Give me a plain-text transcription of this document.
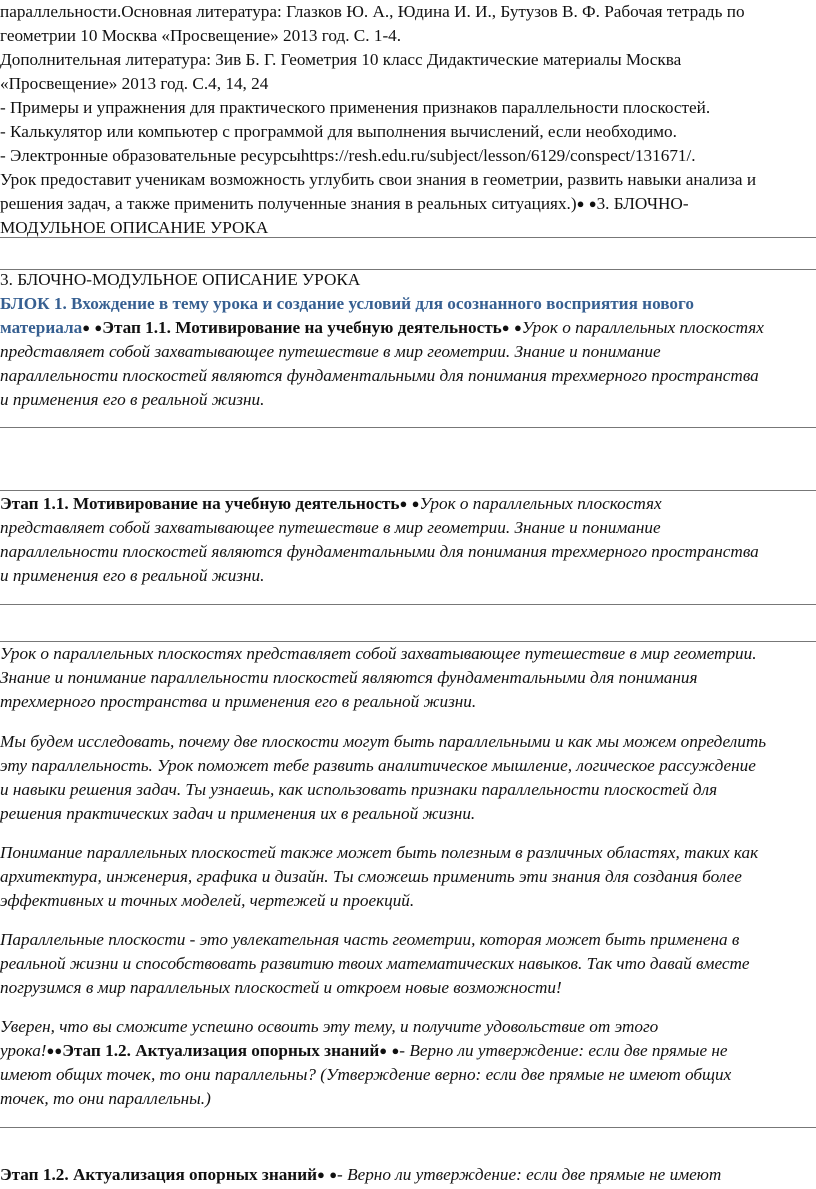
параллельности.Основная литература: Глазков Ю. А., Юдина И. И., Бутузов В. Ф. Рабочая тетрадь по
геометрии 10 Москва «Просвещение» 2013 год. С. 1-4.
Дополнительная литература: Зив Б. Г. Геометрия 10 класс Дидактические материалы Москва
«Просвещение» 2013 год. С.4, 14, 24
- Примеры и упражнения для практического применения признаков параллельности плоскостей.
- Калькулятор или компьютер с программой для выполнения вычислений, если необходимо.
- Электронные образовательные ресурсыhttps://resh.edu.ru/subject/lesson/6129/conspect/131671/.
Урок предоставит ученикам возможность углубить свои знания в геометрии, развить навыки анализа и
решения задач, а также применить полученные знания в реальных ситуациях.)● ●3. БЛОЧНО-
МОДУЛЬНОЕ ОПИСАНИЕ УРОКА
3. БЛОЧНО-МОДУЛЬНОЕ ОПИСАНИЕ УРОКА
БЛОК 1. Вхождение в тему урока и создание условий для осознанного восприятия нового
материала● ●Этап 1.1. Мотивирование на учебную деятельность● ●Урок о параллельных плоскостях
представляет собой захватывающее путешествие в мир геометрии. Знание и понимание
параллельности плоскостей являются фундаментальными для понимания трехмерного пространства
и применения его в реальной жизни.
Этап 1.1. Мотивирование на учебную деятельность● ●Урок о параллельных плоскостях
представляет собой захватывающее путешествие в мир геометрии. Знание и понимание
параллельности плоскостей являются фундаментальными для понимания трехмерного пространства
и применения его в реальной жизни.
Урок о параллельных плоскостях представляет собой захватывающее путешествие в мир геометрии.
Знание и понимание параллельности плоскостей являются фундаментальными для понимания
трехмерного пространства и применения его в реальной жизни.
Мы будем исследовать, почему две плоскости могут быть параллельными и как мы можем определить
эту параллельность. Урок поможет тебе развить аналитическое мышление, логическое рассуждение
и навыки решения задач. Ты узнаешь, как использовать признаки параллельности плоскостей для
решения практических задач и применения их в реальной жизни.
Понимание параллельных плоскостей также может быть полезным в различных областях, таких как
архитектура, инженерия, графика и дизайн. Ты сможешь применить эти знания для создания более
эффективных и точных моделей, чертежей и проекций.
Параллельные плоскости - это увлекательная часть геометрии, которая может быть применена в
реальной жизни и способствовать развитию твоих математических навыков. Так что давай вместе
погрузимся в мир параллельных плоскостей и откроем новые возможности!
Уверен, что вы сможите успешно освоить эту тему, и получите удовольствие от этого
урока!●●Этап 1.2. Актуализация опорных знаний● ●- Верно ли утверждение: если две прямые не
имеют общих точек, то они параллельны? (Утверждение верно: если две прямые не имеют общих
точек, то они параллельны.)
Этап 1.2. Актуализация опорных знаний● ●- Верно ли утверждение: если две прямые не имеют
